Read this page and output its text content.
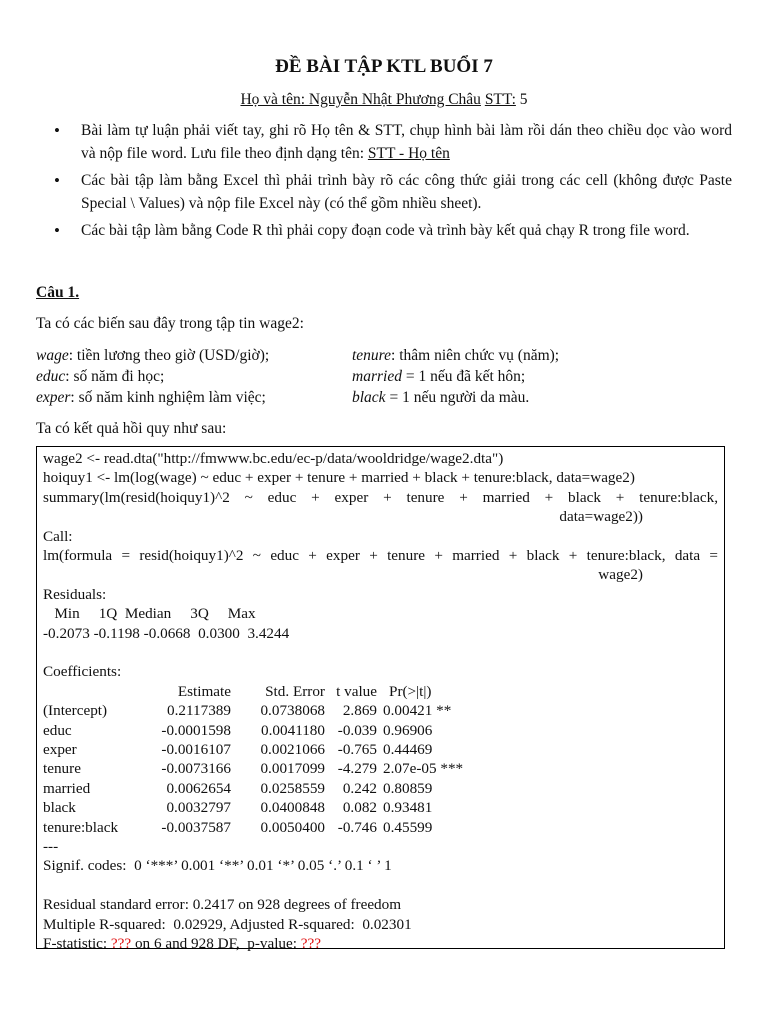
ĐỀ BÀI TẬP KTL BUỔI 7
Họ và tên: Nguyễn Nhật Phương Châu STT: 5
• Bài làm tự luận phải viết tay, ghi rõ Họ tên & STT, chụp hình bài làm rồi dán theo chiều dọc vào word và nộp file word. Lưu file theo định dạng tên: STT - Họ tên
• Các bài tập làm bằng Excel thì phải trình bày rõ các công thức giải trong các cell (không được Paste Special \ Values) và nộp file Excel này (có thể gồm nhiều sheet).
• Các bài tập làm bằng Code R thì phải copy đoạn code và trình bày kết quả chạy R trong file word.
Câu 1.
Ta có các biến sau đây trong tập tin wage2:
wage: tiền lương theo giờ (USD/giờ);	tenure: thâm niên chức vụ (năm);
educ: số năm đi học;	married = 1 nếu đã kết hôn;
exper: số năm kinh nghiệm làm việc;	black = 1 nếu người da màu.
Ta có kết quả hồi quy như sau:
wage2 <- read.dta("http://fmwww.bc.edu/ec-p/data/wooldridge/wage2.dta")
hoiquy1 <- lm(log(wage) ~ educ + exper + tenure + married + black + tenure:black, data=wage2)
summary(lm(resid(hoiquy1)^2 ~ educ + exper + tenure + married + black + tenure:black,
data=wage2))
Call:
lm(formula = resid(hoiquy1)^2 ~ educ + exper + tenure + married + black + tenure:black, data =
wage2)
Residuals:
Min     1Q  Median     3Q     Max
-0.2073 -0.1198 -0.0668  0.0300  3.4244
Coefficients:
	Estimate	Std. Error	t value	Pr(>|t|)
(Intercept)	0.2117389	0.0738068	2.869	0.00421 **
educ	-0.0001598	0.0041180	-0.039	0.96906
exper	-0.0016107	0.0021066	-0.765	0.44469
tenure	-0.0073166	0.0017099	-4.279	2.07e-05 ***
married	0.0062654	0.0258559	0.242	0.80859
black	0.0032797	0.0400848	0.082	0.93481
tenure:black	-0.0037587	0.0050400	-0.746	0.45599
---
Signif. codes:  0 ‘***’ 0.001 ‘**’ 0.01 ‘*’ 0.05 ‘.’ 0.1 ‘ ’ 1
Residual standard error: 0.2417 on 928 degrees of freedom
Multiple R-squared:  0.02929, Adjusted R-squared:  0.02301
F-statistic: ??? on 6 and 928 DF,  p-value: ???
